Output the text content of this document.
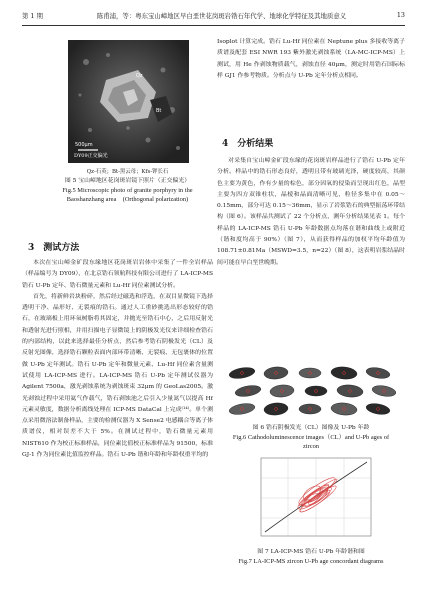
第 1 期	陈甫浦，等：粤东宝山嶂地区早白垩世花岗斑岩锆石年代学、地球化学特征及其地质意义	13
Qz
Bt
500μm
DY09正交偏光
Qz-石英；Bt-黑云母；Kfs-钾长石
图 5 宝山嶂地区花岗斑岩镜下照片（正交偏光）
Fig.5 Microscopic photo of granite porphyry in the
Baoshanzhang area　(Orthogonal polarization)
3　测试方法

本次在宝山嶂金矿段东缘地区花岗斑岩岩体中采集了一件全岩样品（样品编号为 DY09），在北京锆石领航科技有限公司进行了 LA-ICP-MS 锆石 U-Pb 定年、锆石微量元素和 Lu-Hf 同位素测试分析。

首先，将新鲜岩块粉碎，然后经过磁选和浮选，在双目显微镜下选择透明干净、晶形好、无裂痕的锆石。通过人工重砂挑选出形态较好的锆石，在玻璃板上用环氧树脂将其固定，并抛光至锆石中心，之后用反射光和透射光进行照相，并用扫描电子显微镜上的阴极发光仪来详细检查锆石的内部结构，以此来选择最佳分析点，然后参考锆石阴极发光（CL）及反射光图像，选择锆石颗粒表面内部环带清晰、无裂痕、无包裹体的位置做 U-Pb 定年测试。锆石 U-Pb 定年和微量元素、Lu-Hf 同位素含量测试使用 LA-ICP-MS 进行。LA-ICP-MS 锆石 U-Pb 定年测试仪器为 Agilent 7500a，激光剥蚀系统为剥蚀斑束 32μm 的 GeoLas2005。激光剥蚀过程中采用氦气作载气，锆石剥蚀池之后引入少量氮气以提高 Hf 元素灵敏度，数据分析离线处理在 ICP-MS DataCal 上完成⁽¹⁴⁾。单个测点采用微溶法制备样品，主要的检测仪器为 X Sense2 电感耦合等离子体质谱仪，相对误差不大于 5%。在测试过程中，锆石微量元素用 NIST610 作为校正标准样品，同位素比值校正标准样品为 91500，标准 GJ-1 作为同位素比值监控样品。锆石 U-Pb 谐和年龄和年龄权重平均的

Isoplot 计算完成。锆石 Lu-Hf 同位素在 Neptune plus 多接收等离子质谱及配套 ESI NWR 193 紫外激光剥蚀系统（LA-MC-ICP-MS）上测试，用 He 作剥蚀物质载气，剥蚀直径 40μm，测定时用锆石国际标样 GJ1 作参考物质。分析点与 U-Pb 定年分析点相同。

4　分析结果

对采集自宝山嶂金矿段东缘的花岗斑岩样品进行了锆石 U-Pb 定年分析。样品中的锆石形态良好，透明且带有玻璃光泽，硬度较高，其颜色主要为黄色，作有少量的棕色，部分因氧的侵染而呈现出红色，晶型主要为四方双锥柱状，晶棱和晶面清晰可见，粒径多集中在 0.05～0.15mm，部分可达 0.15～36mm，显示了岩浆锆石的典型振荡环带结构（图 6）。该样品共测试了 22 个分析点，测年分析结果见表 1。每个样品的 LA-ICP-MS 锆石 U-Pb 年龄数据点均落在谐和曲线上或附近（谐和度均高于 90%）（图 7），从而获得样品的加权平均年龄值为 108.71±0.81Ma（MSWD=3.5，n=22）（图 8），这表明岩浆结晶时间可能在早白垩世晚期。

图 6 锆石阴极发光（CL）图像及 U-Pb 年龄
Fig.6 Cathodoluminescence images（CL）and U-Pb ages of
zircon
图 7 LA-ICP-MS 锆石 U-Pb 年龄谐和图
Fig.7 LA-ICP-MS zircon U-Pb age concordant diagrams
